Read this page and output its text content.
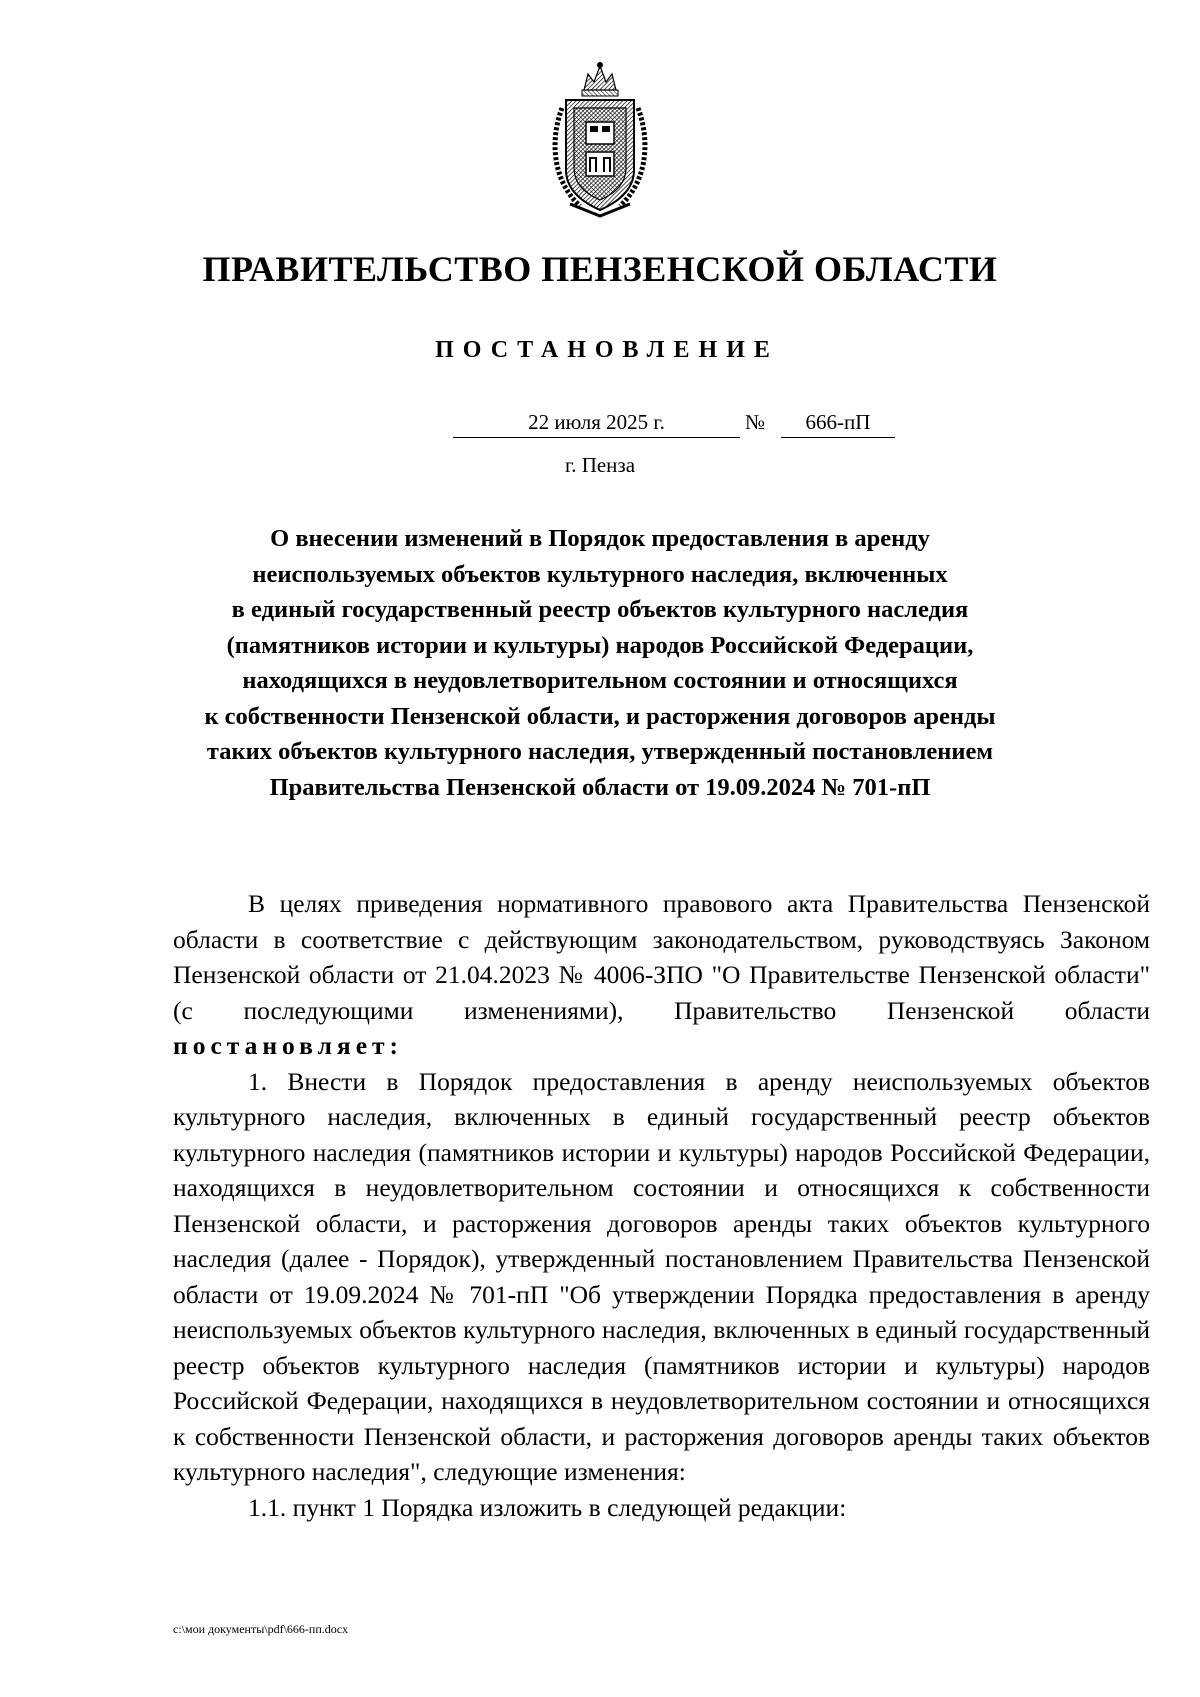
ПРАВИТЕЛЬСТВО ПЕНЗЕНСКОЙ ОБЛАСТИ
ПОСТАНОВЛЕНИЕ
22 июля 2025 г.	№	666-пП
г. Пенза
О внесении изменений в Порядок предоставления в аренду
неиспользуемых объектов культурного наследия, включенных
в единый государственный реестр объектов культурного наследия
(памятников истории и культуры) народов Российской Федерации,
находящихся в неудовлетворительном состоянии и относящихся
к собственности Пензенской области, и расторжения договоров аренды
таких объектов культурного наследия, утвержденный постановлением
Правительства Пензенской области от 19.09.2024 № 701-пП

В целях приведения нормативного правового акта Правительства Пензенской области в соответствие с действующим законодательством, руководствуясь Законом Пензенской области от 21.04.2023 № 4006-ЗПО "О Правительстве Пензенской области" (с последующими изменениями), Правительство Пензенской области постановляет:

1. Внести в Порядок предоставления в аренду неиспользуемых объектов культурного наследия, включенных в единый государственный реестр объектов культурного наследия (памятников истории и культуры) народов Российской Федерации, находящихся в неудовлетворительном состоянии и относящихся к собственности Пензенской области, и расторжения договоров аренды таких объектов культурного наследия (далее - Порядок), утвержденный постановлением Правительства Пензенской области от 19.09.2024 № 701-пП "Об утверждении Порядка предоставления в аренду неиспользуемых объектов культурного наследия, включенных в единый государственный реестр объектов культурного наследия (памятников истории и культуры) народов Российской Федерации, находящихся в неудовлетворительном состоянии и относящихся к собственности Пензенской области, и расторжения договоров аренды таких объектов культурного наследия", следующие изменения:

1.1. пункт 1 Порядка изложить в следующей редакции:

c:\мои документы\pdf\666-пп.docx
